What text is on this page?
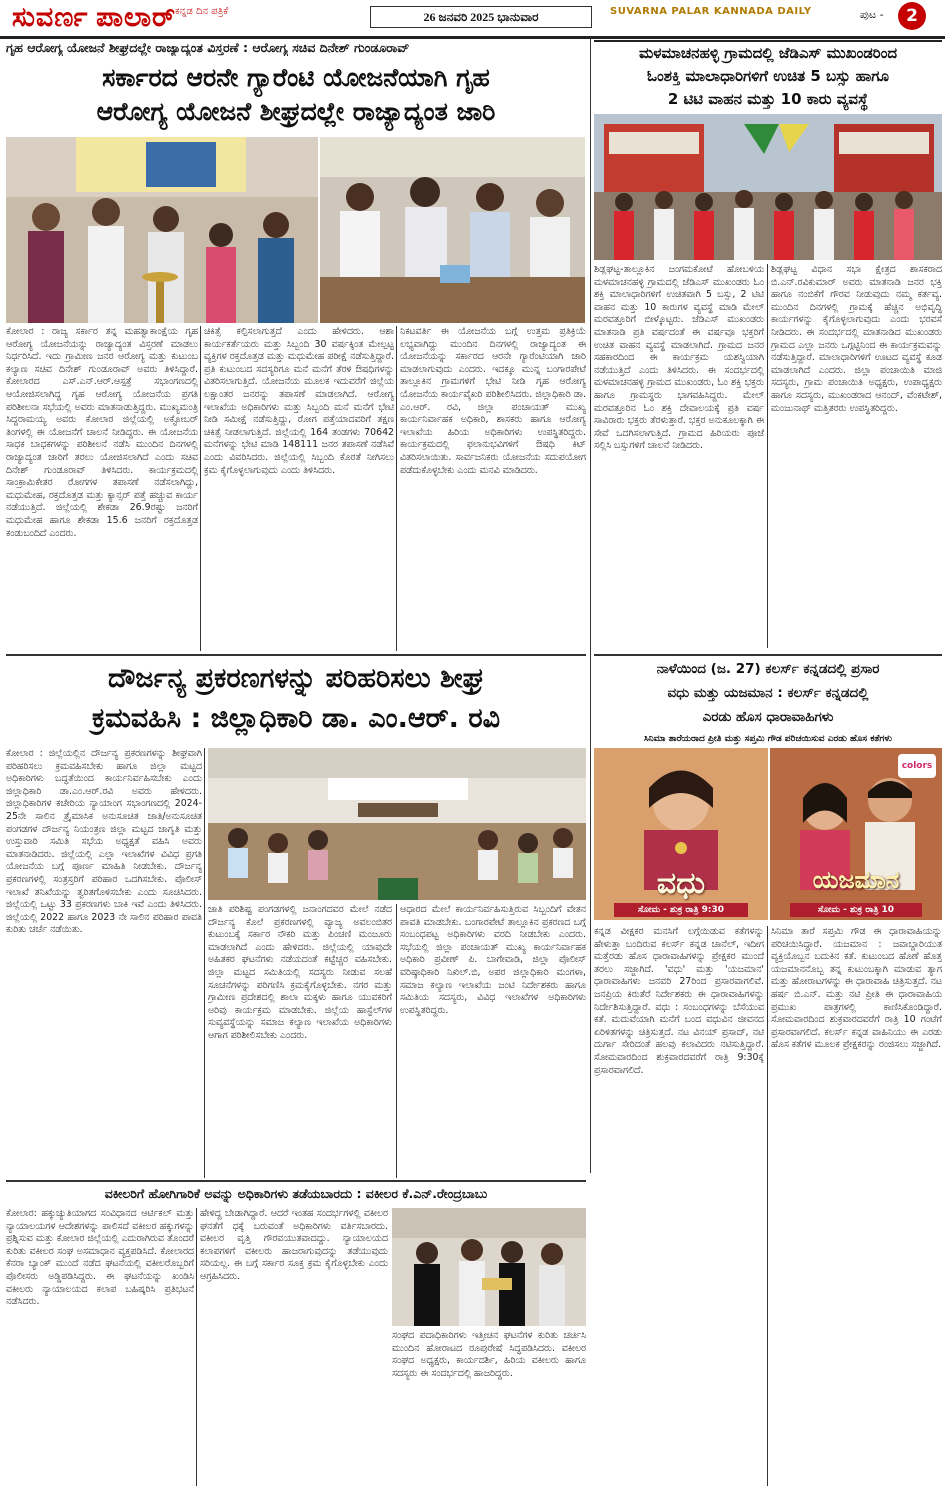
ಸುವರ್ಣ ಪಾಲಾರ್
ಕನ್ನಡ ದಿನ ಪತ್ರಿಕೆ	26 ಜನವರಿ 2025 ಭಾನುವಾರ	SUVARNA PALAR KANNADA DAILY	ಪುಟ -	2
ಗೃಹ ಆರೋಗ್ಯ ಯೋಜನೆ ಶೀಘ್ರದಲ್ಲೇ ರಾಜ್ಯಾದ್ಯಂತ ವಿಸ್ತರಣೆ : ಆರೋಗ್ಯ ಸಚಿವ ದಿನೇಶ್ ಗುಂಡೂರಾವ್
ಸರ್ಕಾರದ ಆರನೇ ಗ್ಯಾರೆಂಟಿ ಯೋಜನೆಯಾಗಿ ಗೃಹ
ಆರೋಗ್ಯ ಯೋಜನೆ ಶೀಘ್ರದಲ್ಲೇ ರಾಜ್ಯಾದ್ಯಂತ ಜಾರಿ
ಕೋಲಾರ : ರಾಜ್ಯ ಸರ್ಕಾರ ತನ್ನ ಮಹತ್ವಾಕಾಂಕ್ಷೆಯ ಗೃಹ ಆರೋಗ್ಯ ಯೋಜನೆಯನ್ನು ರಾಜ್ಯಾದ್ಯಂತ ವಿಸ್ತರಣೆ ಮಾಡಲು ನಿರ್ಧರಿಸಿದೆ. ಇದು ಗ್ರಾಮೀಣ ಜನರ ಆರೋಗ್ಯ ಮತ್ತು ಕುಟುಂಬ ಕಲ್ಯಾಣ ಸಚಿವ ದಿನೇಶ್ ಗುಂಡೂರಾವ್ ಅವರು ತಿಳಿಸಿದ್ದಾರೆ. ಕೋಲಾರದ ಎಸ್.ಎನ್.ಆರ್.ಆಸ್ಪತ್ರೆ ಸಭಾಂಗಣದಲ್ಲಿ ಆಯೋಜಿಸಲಾಗಿದ್ದ ಗೃಹ ಆರೋಗ್ಯ ಯೋಜನೆಯ ಪ್ರಗತಿ ಪರಿಶೀಲನಾ ಸಭೆಯಲ್ಲಿ ಅವರು ಮಾತನಾಡುತ್ತಿದ್ದರು. ಮುಖ್ಯಮಂತ್ರಿ ಸಿದ್ದರಾಮಯ್ಯ ಅವರು ಕೋಲಾರ ಜಿಲ್ಲೆಯಲ್ಲಿ ಅಕ್ಟೋಬರ್ ತಿಂಗಳಲ್ಲಿ ಈ ಯೋಜನೆಗೆ ಚಾಲನೆ ನೀಡಿದ್ದರು. ಈ ಯೋಜನೆಯ ಸಾಧಕ ಬಾಧಕಗಳನ್ನು ಪರಿಶೀಲನೆ ನಡೆಸಿ ಮುಂದಿನ ದಿನಗಳಲ್ಲಿ ರಾಜ್ಯಾದ್ಯಂತ ಜಾರಿಗೆ ತರಲು ಯೋಜಿಸಲಾಗಿದೆ ಎಂದು ಸಚಿವ ದಿನೇಶ್ ಗುಂಡೂರಾವ್ ತಿಳಿಸಿದರು. ಕಾರ್ಯಕ್ರಮದಲ್ಲಿ ಸಾಂಕ್ರಾಮಿಕೇತರ ರೋಗಗಳ ತಪಾಸಣೆ ನಡೆಸಲಾಗಿದ್ದು, ಮಧುಮೇಹ, ರಕ್ತದೊತ್ತಡ ಮತ್ತು ಕ್ಯಾನ್ಸರ್ ಪತ್ತೆ ಹಚ್ಚುವ ಕಾರ್ಯ ನಡೆಯುತ್ತಿದೆ. ಜಿಲ್ಲೆಯಲ್ಲಿ ಶೇಕಡಾ 26.9ರಷ್ಟು ಜನರಿಗೆ ಮಧುಮೇಹ ಹಾಗೂ ಶೇಕಡಾ 15.6 ಜನರಿಗೆ ರಕ್ತದೊತ್ತಡ ಕಂಡುಬಂದಿದೆ ಎಂದರು.
ಚಿಕಿತ್ಸೆ ಕಲ್ಪಿಸಲಾಗುತ್ತದೆ ಎಂದು ಹೇಳಿದರು. ಆಶಾ ಕಾರ್ಯಕರ್ತೆಯರು ಮತ್ತು ಸಿಬ್ಬಂದಿ 30 ವರ್ಷಕ್ಕಿಂತ ಮೇಲ್ಪಟ್ಟ ವ್ಯಕ್ತಿಗಳ ರಕ್ತದೊತ್ತಡ ಮತ್ತು ಮಧುಮೇಹ ಪರೀಕ್ಷೆ ನಡೆಸುತ್ತಿದ್ದಾರೆ. ಪ್ರತಿ ಕುಟುಂಬದ ಸದಸ್ಯರಿಗೂ ಮನೆ ಮನೆಗೆ ತೆರಳಿ ಔಷಧಿಗಳನ್ನು ವಿತರಿಸಲಾಗುತ್ತಿದೆ. ಯೋಜನೆಯ ಮೂಲಕ ಇದುವರೆಗೆ ಜಿಲ್ಲೆಯ ಲಕ್ಷಾಂತರ ಜನರನ್ನು ತಪಾಸಣೆ ಮಾಡಲಾಗಿದೆ. ಆರೋಗ್ಯ ಇಲಾಖೆಯ ಅಧಿಕಾರಿಗಳು ಮತ್ತು ಸಿಬ್ಬಂದಿ ಮನೆ ಮನೆಗೆ ಭೇಟಿ ನೀಡಿ ಸಮೀಕ್ಷೆ ನಡೆಸುತ್ತಿದ್ದು, ರೋಗ ಪತ್ತೆಯಾದವರಿಗೆ ತಕ್ಷಣ ಚಿಕಿತ್ಸೆ ನೀಡಲಾಗುತ್ತಿದೆ. ಜಿಲ್ಲೆಯಲ್ಲಿ 164 ತಂಡಗಳು 70642 ಮನೆಗಳನ್ನು ಭೇಟಿ ಮಾಡಿ 148111 ಜನರ ತಪಾಸಣೆ ನಡೆಸಿವೆ ಎಂದು ವಿವರಿಸಿದರು. ಜಿಲ್ಲೆಯಲ್ಲಿ ಸಿಬ್ಬಂದಿ ಕೊರತೆ ನೀಗಿಸಲು ಕ್ರಮ ಕೈಗೊಳ್ಳಲಾಗುವುದು ಎಂದು ತಿಳಿಸಿದರು.
ನಿಕಟವರ್ತಿ ಈ ಯೋಜನೆಯ ಬಗ್ಗೆ ಉತ್ತಮ ಪ್ರತಿಕ್ರಿಯೆ ಲಭ್ಯವಾಗಿದ್ದು ಮುಂದಿನ ದಿನಗಳಲ್ಲಿ ರಾಜ್ಯಾದ್ಯಂತ ಈ ಯೋಜನೆಯನ್ನು ಸರ್ಕಾರದ ಆರನೇ ಗ್ಯಾರೆಂಟಿಯಾಗಿ ಜಾರಿ ಮಾಡಲಾಗುವುದು ಎಂದರು. ಇದಕ್ಕೂ ಮುನ್ನ ಬಂಗಾರಪೇಟೆ ತಾಲ್ಲೂಕಿನ ಗ್ರಾಮಗಳಿಗೆ ಭೇಟಿ ನೀಡಿ ಗೃಹ ಆರೋಗ್ಯ ಯೋಜನೆಯ ಕಾರ್ಯವೈಖರಿ ಪರಿಶೀಲಿಸಿದರು. ಜಿಲ್ಲಾಧಿಕಾರಿ ಡಾ. ಎಂ.ಆರ್. ರವಿ, ಜಿಲ್ಲಾ ಪಂಚಾಯತ್ ಮುಖ್ಯ ಕಾರ್ಯನಿರ್ವಾಹಕ ಅಧಿಕಾರಿ, ಶಾಸಕರು ಹಾಗೂ ಆರೋಗ್ಯ ಇಲಾಖೆಯ ಹಿರಿಯ ಅಧಿಕಾರಿಗಳು ಉಪಸ್ಥಿತರಿದ್ದರು. ಕಾರ್ಯಕ್ರಮದಲ್ಲಿ ಫಲಾನುಭವಿಗಳಿಗೆ ಔಷಧಿ ಕಿಟ್ ವಿತರಿಸಲಾಯಿತು. ಸಾರ್ವಜನಿಕರು ಯೋಜನೆಯ ಸದುಪಯೋಗ ಪಡೆದುಕೊಳ್ಳಬೇಕು ಎಂದು ಮನವಿ ಮಾಡಿದರು.
ಮಳಮಾಚನಹಳ್ಳಿ ಗ್ರಾಮದಲ್ಲಿ ಜೆಡಿಎಸ್ ಮುಖಂಡರಿಂದ
ಓಂಶಕ್ತಿ ಮಾಲಾಧಾರಿಗಳಿಗೆ ಉಚಿತ 5 ಬಸ್ಸು ಹಾಗೂ
2 ಟಿಟಿ ವಾಹನ ಮತ್ತು 10 ಕಾರು ವ್ಯವಸ್ಥೆ
ಶಿಡ್ಲಘಟ್ಟ-ತಾಲ್ಲೂಕಿನ ಜಂಗಮಕೋಟೆ ಹೋಬಳಿಯ ಮಳಮಾಚನಹಳ್ಳಿ ಗ್ರಾಮದಲ್ಲಿ ಜೆಡಿಎಸ್ ಮುಖಂಡರು ಓಂ ಶಕ್ತಿ ಮಾಲಾಧಾರಿಗಳಿಗೆ ಉಚಿತವಾಗಿ 5 ಬಸ್ಸು, 2 ಟಿಟಿ ವಾಹನ ಮತ್ತು 10 ಕಾರುಗಳ ವ್ಯವಸ್ಥೆ ಮಾಡಿ ಮೇಲ್ ಮರವತ್ತೂರಿಗೆ ಬೀಳ್ಕೊಟ್ಟರು. ಜೆಡಿಎಸ್ ಮುಖಂಡರು ಮಾತನಾಡಿ ಪ್ರತಿ ವರ್ಷದಂತೆ ಈ ವರ್ಷವೂ ಭಕ್ತರಿಗೆ ಉಚಿತ ವಾಹನ ವ್ಯವಸ್ಥೆ ಮಾಡಲಾಗಿದೆ. ಗ್ರಾಮದ ಜನರ ಸಹಕಾರದಿಂದ ಈ ಕಾರ್ಯಕ್ರಮ ಯಶಸ್ವಿಯಾಗಿ ನಡೆಯುತ್ತಿದೆ ಎಂದು ತಿಳಿಸಿದರು. ಈ ಸಂದರ್ಭದಲ್ಲಿ ಮಳಮಾಚನಹಳ್ಳಿ ಗ್ರಾಮದ ಮುಖಂಡರು, ಓಂ ಶಕ್ತಿ ಭಕ್ತರು ಹಾಗೂ ಗ್ರಾಮಸ್ಥರು ಭಾಗವಹಿಸಿದ್ದರು. ಮೇಲ್ ಮರವತ್ತೂರಿನ ಓಂ ಶಕ್ತಿ ದೇವಾಲಯಕ್ಕೆ ಪ್ರತಿ ವರ್ಷ ಸಾವಿರಾರು ಭಕ್ತರು ತೆರಳುತ್ತಾರೆ. ಭಕ್ತರ ಅನುಕೂಲಕ್ಕಾಗಿ ಈ ಸೇವೆ ಒದಗಿಸಲಾಗುತ್ತಿದೆ. ಗ್ರಾಮದ ಹಿರಿಯರು ಪೂಜೆ ಸಲ್ಲಿಸಿ ಬಸ್ಸುಗಳಿಗೆ ಚಾಲನೆ ನೀಡಿದರು.
ಶಿಡ್ಲಘಟ್ಟ ವಿಧಾನ ಸಭಾ ಕ್ಷೇತ್ರದ ಶಾಸಕರಾದ ಬಿ.ಎನ್.ರವಿಕುಮಾರ್ ಅವರು ಮಾತನಾಡಿ ಜನರ ಭಕ್ತಿ ಹಾಗೂ ನಂಬಿಕೆಗೆ ಗೌರವ ನೀಡುವುದು ನಮ್ಮ ಕರ್ತವ್ಯ. ಮುಂದಿನ ದಿನಗಳಲ್ಲಿ ಗ್ರಾಮಕ್ಕೆ ಹೆಚ್ಚಿನ ಅಭಿವೃದ್ಧಿ ಕಾರ್ಯಗಳನ್ನು ಕೈಗೊಳ್ಳಲಾಗುವುದು ಎಂದು ಭರವಸೆ ನೀಡಿದರು. ಈ ಸಂದರ್ಭದಲ್ಲಿ ಮಾತನಾಡಿದ ಮುಖಂಡರು ಗ್ರಾಮದ ಎಲ್ಲಾ ಜನರು ಒಗ್ಗಟ್ಟಿನಿಂದ ಈ ಕಾರ್ಯಕ್ರಮವನ್ನು ನಡೆಸುತ್ತಿದ್ದಾರೆ. ಮಾಲಾಧಾರಿಗಳಿಗೆ ಊಟದ ವ್ಯವಸ್ಥೆ ಕೂಡ ಮಾಡಲಾಗಿದೆ ಎಂದರು. ಜಿಲ್ಲಾ ಪಂಚಾಯಿತಿ ಮಾಜಿ ಸದಸ್ಯರು, ಗ್ರಾಮ ಪಂಚಾಯಿತಿ ಅಧ್ಯಕ್ಷರು, ಉಪಾಧ್ಯಕ್ಷರು ಹಾಗೂ ಸದಸ್ಯರು, ಮುಖಂಡರಾದ ಆನಂದ್, ವೆಂಕಟೇಶ್, ಮಂಜುನಾಥ್ ಮತ್ತಿತರರು ಉಪಸ್ಥಿತರಿದ್ದರು.
ದೌರ್ಜನ್ಯ ಪ್ರಕರಣಗಳನ್ನು ಪರಿಹರಿಸಲು ಶೀಘ್ರ
ಕ್ರಮವಹಿಸಿ : ಜಿಲ್ಲಾಧಿಕಾರಿ ಡಾ. ಎಂ.ಆರ್. ರವಿ
ಕೋಲಾರ : ಜಿಲ್ಲೆಯಲ್ಲಿನ ದೌರ್ಜನ್ಯ ಪ್ರಕರಣಗಳನ್ನು ಶೀಘ್ರವಾಗಿ ಪರಿಹರಿಸಲು ಕ್ರಮವಹಿಸಬೇಕು ಹಾಗೂ ಜಿಲ್ಲಾ ಮಟ್ಟದ ಅಧಿಕಾರಿಗಳು ಬದ್ಧತೆಯಿಂದ ಕಾರ್ಯನಿರ್ವಹಿಸಬೇಕು ಎಂದು ಜಿಲ್ಲಾಧಿಕಾರಿ ಡಾ.ಎಂ.ಆರ್.ರವಿ ಅವರು ಹೇಳಿದರು. ಜಿಲ್ಲಾಧಿಕಾರಿಗಳ ಕಚೇರಿಯ ನ್ಯಾಯಾಂಗ ಸಭಾಂಗಣದಲ್ಲಿ 2024-25ನೇ ಸಾಲಿನ ತ್ರೈಮಾಸಿಕ ಅನುಸೂಚಿತ ಜಾತಿ/ಅನುಸೂಚಿತ ಪಂಗಡಗಳ ದೌರ್ಜನ್ಯ ನಿಯಂತ್ರಣ ಜಿಲ್ಲಾ ಮಟ್ಟದ ಜಾಗೃತಿ ಮತ್ತು ಉಸ್ತುವಾರಿ ಸಮಿತಿ ಸಭೆಯ ಅಧ್ಯಕ್ಷತೆ ವಹಿಸಿ ಅವರು ಮಾತನಾಡಿದರು. ಜಿಲ್ಲೆಯಲ್ಲಿ ಎಲ್ಲಾ ಇಲಾಖೆಗಳ ವಿವಿಧ ಪ್ರಗತಿ ಯೋಜನೆಯ ಬಗ್ಗೆ ಪೂರ್ಣ ಮಾಹಿತಿ ನೀಡಬೇಕು. ದೌರ್ಜನ್ಯ ಪ್ರಕರಣಗಳಲ್ಲಿ ಸಂತ್ರಸ್ತರಿಗೆ ಪರಿಹಾರ ಒದಗಿಸಬೇಕು. ಪೊಲೀಸ್ ಇಲಾಖೆ ತನಿಖೆಯನ್ನು ತ್ವರಿತಗೊಳಿಸಬೇಕು ಎಂದು ಸೂಚಿಸಿದರು. ಜಿಲ್ಲೆಯಲ್ಲಿ ಒಟ್ಟು 33 ಪ್ರಕರಣಗಳು ಬಾಕಿ ಇವೆ ಎಂದು ತಿಳಿಸಿದರು. ಜಿಲ್ಲೆಯಲ್ಲಿ 2022 ಹಾಗೂ 2023 ನೇ ಸಾಲಿನ ಪರಿಹಾರ ಪಾವತಿ ಕುರಿತು ಚರ್ಚೆ ನಡೆಯಿತು.
ಜಾತಿ ಪರಿಶಿಷ್ಟ ಪಂಗಡಗಳಲ್ಲಿ ಜನಾಂಗದವರ ಮೇಲೆ ನಡೆದ ದೌರ್ಜನ್ಯ ಕೊಲೆ ಪ್ರಕರಣಗಳಲ್ಲಿ ವ್ಯಾಜ್ಯ ಅವಲಂಬಿತರ ಕುಟುಂಬಕ್ಕೆ ಸರ್ಕಾರ ನೌಕರಿ ಮತ್ತು ಪಿಂಚಣಿ ಮಂಜೂರು ಮಾಡಲಾಗಿದೆ ಎಂದು ಹೇಳಿದರು. ಜಿಲ್ಲೆಯಲ್ಲಿ ಯಾವುದೇ ಅಹಿತಕರ ಘಟನೆಗಳು ನಡೆಯದಂತೆ ಕಟ್ಟೆಚ್ಚರ ವಹಿಸಬೇಕು. ಜಿಲ್ಲಾ ಮಟ್ಟದ ಸಮಿತಿಯಲ್ಲಿ ಸದಸ್ಯರು ನೀಡುವ ಸಲಹೆ ಸೂಚನೆಗಳನ್ನು ಪರಿಗಣಿಸಿ ಕ್ರಮಕೈಗೊಳ್ಳಬೇಕು. ನಗರ ಮತ್ತು ಗ್ರಾಮೀಣ ಪ್ರದೇಶದಲ್ಲಿ ಶಾಲಾ ಮಕ್ಕಳು ಹಾಗೂ ಯುವಕರಿಗೆ ಅರಿವು ಕಾರ್ಯಕ್ರಮ ಮಾಡಬೇಕು. ಜಿಲ್ಲೆಯ ಹಾಸ್ಟೆಲ್‌ಗಳ ಸುವ್ಯವಸ್ಥೆಯನ್ನು ಸಮಾಜ ಕಲ್ಯಾಣ ಇಲಾಖೆಯ ಅಧಿಕಾರಿಗಳು ಆಗಾಗ ಪರಿಶೀಲಿಸಬೇಕು ಎಂದರು.
ಆಧಾರದ ಮೇಲೆ ಕಾರ್ಯನಿರ್ವಹಿಸುತ್ತಿರುವ ಸಿಬ್ಬಂದಿಗೆ ವೇತನ ಪಾವತಿ ಮಾಡಬೇಕು. ಬಂಗಾರಪೇಟೆ ತಾಲ್ಲೂಕಿನ ಪ್ರಕರಣದ ಬಗ್ಗೆ ಸಂಬಂಧಪಟ್ಟ ಅಧಿಕಾರಿಗಳು ವರದಿ ನೀಡಬೇಕು ಎಂದರು. ಸಭೆಯಲ್ಲಿ ಜಿಲ್ಲಾ ಪಂಚಾಯತ್ ಮುಖ್ಯ ಕಾರ್ಯನಿರ್ವಾಹಕ ಅಧಿಕಾರಿ ಪ್ರವೀಣ್ ಪಿ. ಬಾಗೇವಾಡಿ, ಜಿಲ್ಲಾ ಪೊಲೀಸ್ ವರಿಷ್ಠಾಧಿಕಾರಿ ನಿಖಿಲ್.ಬಿ, ಅಪರ ಜಿಲ್ಲಾಧಿಕಾರಿ ಮಂಗಳಾ, ಸಮಾಜ ಕಲ್ಯಾಣ ಇಲಾಖೆಯ ಜಂಟಿ ನಿರ್ದೇಶಕರು ಹಾಗೂ ಸಮಿತಿಯ ಸದಸ್ಯರು, ವಿವಿಧ ಇಲಾಖೆಗಳ ಅಧಿಕಾರಿಗಳು ಉಪಸ್ಥಿತರಿದ್ದರು.
ನಾಳೆಯಿಂದ (ಜ. 27) ಕಲರ್ಸ್ ಕನ್ನಡದಲ್ಲಿ ಪ್ರಸಾರ
ವಧು ಮತ್ತು ಯಜಮಾನ : ಕಲರ್ಸ್ ಕನ್ನಡದಲ್ಲಿ
ಎರಡು ಹೊಸ ಧಾರಾವಾಹಿಗಳು
ಸಿನಿಮಾ ತಾರೆಯರಾದ ಪ್ರೀತಿ ಮತ್ತು ಸಪ್ತಮಿ ಗೌಡ ಪರಿಚಯಿಸುವ ಎರಡು ಹೊಸ ಕತೆಗಳು
ವಧು
ಸೋಮ - ಶುಕ್ರ ರಾತ್ರಿ 9:30
colors
ಯಜಮಾನ
ಸೋಮ - ಶುಕ್ರ ರಾತ್ರಿ 10
ಕನ್ನಡ ವೀಕ್ಷಕರ ಮನಸಿಗೆ ಲಗ್ಗೆಯಿಡುವ ಕತೆಗಳನ್ನು ಹೇಳುತ್ತಾ ಬಂದಿರುವ ಕಲರ್ಸ್ ಕನ್ನಡ ಚಾನೆಲ್, ಇದೀಗ ಮತ್ತೆರಡು ಹೊಸ ಧಾರಾವಾಹಿಗಳನ್ನು ಪ್ರೇಕ್ಷಕರ ಮುಂದೆ ತರಲು ಸಜ್ಜಾಗಿದೆ. 'ವಧು' ಮತ್ತು 'ಯಜಮಾನ' ಧಾರಾವಾಹಿಗಳು ಜನವರಿ 27ರಿಂದ ಪ್ರಸಾರವಾಗಲಿವೆ. ಜನಪ್ರಿಯ ಕಿರುತೆರೆ ನಿರ್ದೇಶಕರು ಈ ಧಾರಾವಾಹಿಗಳನ್ನು ನಿರ್ದೇಶಿಸುತ್ತಿದ್ದಾರೆ. ವಧು : ಸಂಬಂಧಗಳನ್ನು ಬೆಸೆಯುವ ಕತೆ. ಮದುವೆಯಾಗಿ ಮನೆಗೆ ಬಂದ ವಧುವಿನ ಜೀವನದ ಏರಿಳಿತಗಳನ್ನು ಚಿತ್ರಿಸುತ್ತದೆ. ನಟ ವಿನಯ್ ಪ್ರಸಾದ್, ನಟಿ ದುರ್ಗಾ ಸೇರಿದಂತೆ ಹಲವು ಕಲಾವಿದರು ನಟಿಸುತ್ತಿದ್ದಾರೆ. ಸೋಮವಾರದಿಂದ ಶುಕ್ರವಾರದವರೆಗೆ ರಾತ್ರಿ 9:30ಕ್ಕೆ ಪ್ರಸಾರವಾಗಲಿದೆ.
ಸಿನಿಮಾ ತಾರೆ ಸಪ್ತಮಿ ಗೌಡ ಈ ಧಾರಾವಾಹಿಯನ್ನು ಪರಿಚಯಿಸಿದ್ದಾರೆ. ಯಜಮಾನ : ಜವಾಬ್ದಾರಿಯುತ ವ್ಯಕ್ತಿಯೊಬ್ಬನ ಬದುಕಿನ ಕತೆ. ಕುಟುಂಬದ ಹೊಣೆ ಹೊತ್ತ ಯಜಮಾನನೊಬ್ಬ ತನ್ನ ಕುಟುಂಬಕ್ಕಾಗಿ ಮಾಡುವ ತ್ಯಾಗ ಮತ್ತು ಹೋರಾಟಗಳನ್ನು ಈ ಧಾರಾವಾಹಿ ಚಿತ್ರಿಸುತ್ತದೆ. ನಟ ಹರ್ಷ ಬಿ.ಎನ್. ಮತ್ತು ನಟಿ ಪ್ರೀತಿ ಈ ಧಾರಾವಾಹಿಯ ಪ್ರಮುಖ ಪಾತ್ರಗಳಲ್ಲಿ ಕಾಣಿಸಿಕೊಂಡಿದ್ದಾರೆ. ಸೋಮವಾರದಿಂದ ಶುಕ್ರವಾರದವರೆಗೆ ರಾತ್ರಿ 10 ಗಂಟೆಗೆ ಪ್ರಸಾರವಾಗಲಿದೆ. ಕಲರ್ಸ್ ಕನ್ನಡ ವಾಹಿನಿಯು ಈ ಎರಡು ಹೊಸ ಕತೆಗಳ ಮೂಲಕ ಪ್ರೇಕ್ಷಕರನ್ನು ರಂಜಿಸಲು ಸಜ್ಜಾಗಿದೆ.
ವಕೀಲರಿಗೆ ಹೋಗಿಗಾರಿಕೆ ಅವನ್ನು ಅಧಿಕಾರಿಗಳು ತಡೆಯಬಾರದು : ವಕೀಲರ ಕೆ.ಎನ್.ರೇಂದ್ರಬಾಬು
ಕೋಲಾರ: ಹಕ್ಕುಚ್ಯುತಿಯಾಗದ ಸಂವಿಧಾನದ ಆರ್ಟಿಕಲ್ ಮತ್ತು ನ್ಯಾಯಾಲಯಗಳ ಆದೇಶಗಳನ್ನು ಪಾಲಿಸದೆ ವಕೀಲರ ಹಕ್ಕುಗಳನ್ನು ಪ್ರಶ್ನಿಸುವ ಮತ್ತು ಕೋಲಾರ ಜಿಲ್ಲೆಯಲ್ಲಿ ಎದುರಾಗಿರುವ ತೊಂದರೆ ಕುರಿತು ವಕೀಲರ ಸಂಘ ಅಸಮಾಧಾನ ವ್ಯಕ್ತಪಡಿಸಿದೆ. ಕೋಲಾರದ ಕೆನರಾ ಬ್ಯಾಂಕ್ ಮುಂದೆ ನಡೆದ ಘಟನೆಯಲ್ಲಿ ವಕೀಲರೊಬ್ಬರಿಗೆ ಪೊಲೀಸರು ಅಡ್ಡಿಪಡಿಸಿದ್ದರು. ಈ ಘಟನೆಯನ್ನು ಖಂಡಿಸಿ ವಕೀಲರು ನ್ಯಾಯಾಲಯದ ಕಲಾಪ ಬಹಿಷ್ಕರಿಸಿ ಪ್ರತಿಭಟನೆ ನಡೆಸಿದರು.
ಹೇಳಿದ್ದ ಬೇಡಾಗಿದ್ದಾರೆ. ಆದರೆ ಇಂತಹ ಸಂದರ್ಭಗಳಲ್ಲಿ ವಕೀಲರ ಘನತೆಗೆ ಧಕ್ಕೆ ಬರುವಂತೆ ಅಧಿಕಾರಿಗಳು ವರ್ತಿಸಬಾರದು. ವಕೀಲರ ವೃತ್ತಿ ಗೌರವಯುತವಾದದ್ದು. ನ್ಯಾಯಾಲಯದ ಕಲಾಪಗಳಿಗೆ ವಕೀಲರು ಹಾಜರಾಗುವುದನ್ನು ತಡೆಯುವುದು ಸರಿಯಲ್ಲ. ಈ ಬಗ್ಗೆ ಸರ್ಕಾರ ಸೂಕ್ತ ಕ್ರಮ ಕೈಗೊಳ್ಳಬೇಕು ಎಂದು ಆಗ್ರಹಿಸಿದರು.
ಸಂಘದ ಪದಾಧಿಕಾರಿಗಳು ಇತ್ತೀಚಿನ ಘಟನೆಗಳ ಕುರಿತು ಚರ್ಚಿಸಿ ಮುಂದಿನ ಹೋರಾಟದ ರೂಪುರೇಷೆ ಸಿದ್ಧಪಡಿಸಿದರು. ವಕೀಲರ ಸಂಘದ ಅಧ್ಯಕ್ಷರು, ಕಾರ್ಯದರ್ಶಿ, ಹಿರಿಯ ವಕೀಲರು ಹಾಗೂ ಸದಸ್ಯರು ಈ ಸಂದರ್ಭದಲ್ಲಿ ಹಾಜರಿದ್ದರು.
